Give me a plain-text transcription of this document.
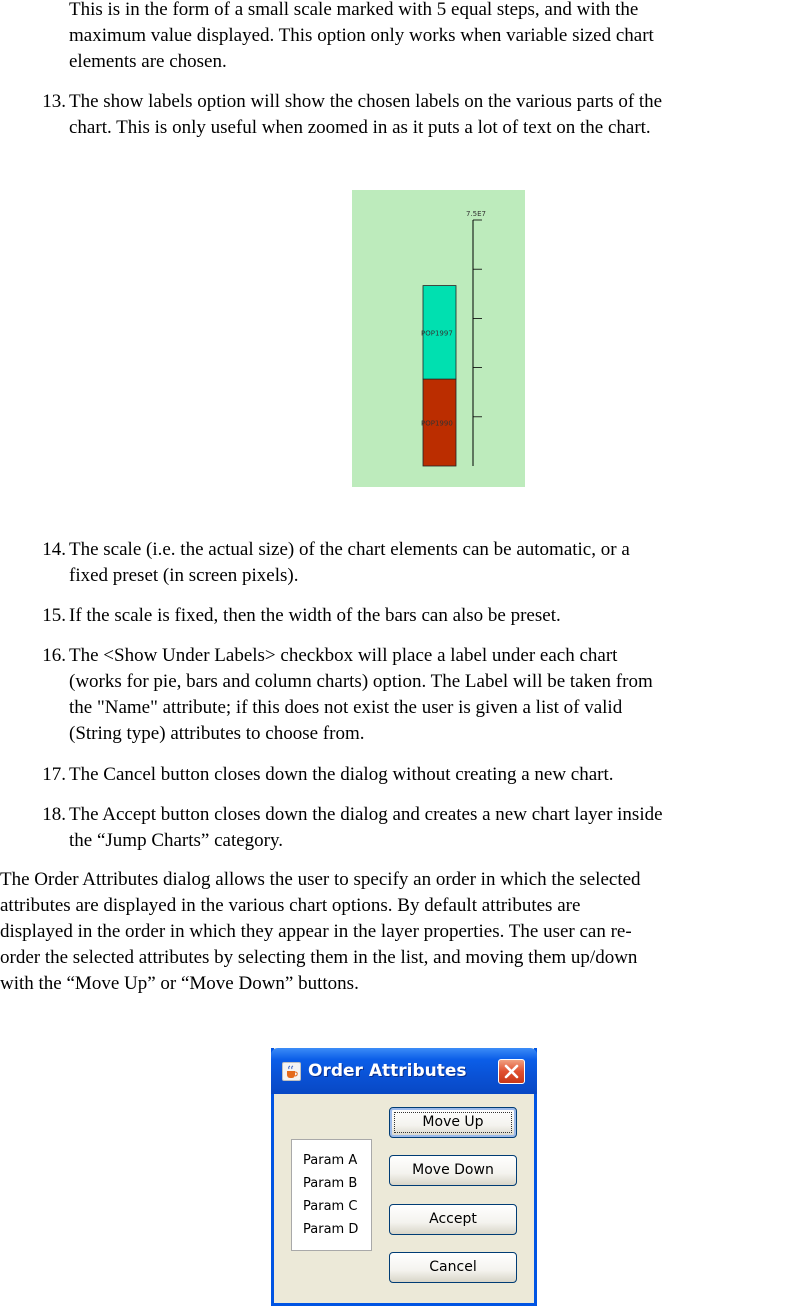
This is in the form of a small scale marked with 5 equal steps, and with the
maximum value displayed. This option only works when variable sized chart
elements are chosen.
13. The show labels option will show the chosen labels on the various parts of the
chart. This is only useful when zoomed in as it puts a lot of text on the chart.
POP1990
POP1997
7.5E7
14. The scale (i.e. the actual size) of the chart elements can be automatic, or a
fixed preset (in screen pixels).
15. If the scale is fixed, then the width of the bars can also be preset.
16. The <Show Under Labels> checkbox will place a label under each chart
(works for pie, bars and column charts) option. The Label will be taken from
the "Name" attribute; if this does not exist the user is given a list of valid
(String type) attributes to choose from.
17. The Cancel button closes down the dialog without creating a new chart.
18. The Accept button closes down the dialog and creates a new chart layer inside
the “Jump Charts” category.

The Order Attributes dialog allows the user to specify an order in which the selected

attributes are displayed in the various chart options. By default attributes are

displayed in the order in which they appear in the layer properties. The user can re-

order the selected attributes by selecting them in the list, and moving them up/down

with the “Move Up” or “Move Down” buttons.

Order Attributes
Param A
Param B
Param C
Param D
Move Up
Move Down
Accept
Cancel
